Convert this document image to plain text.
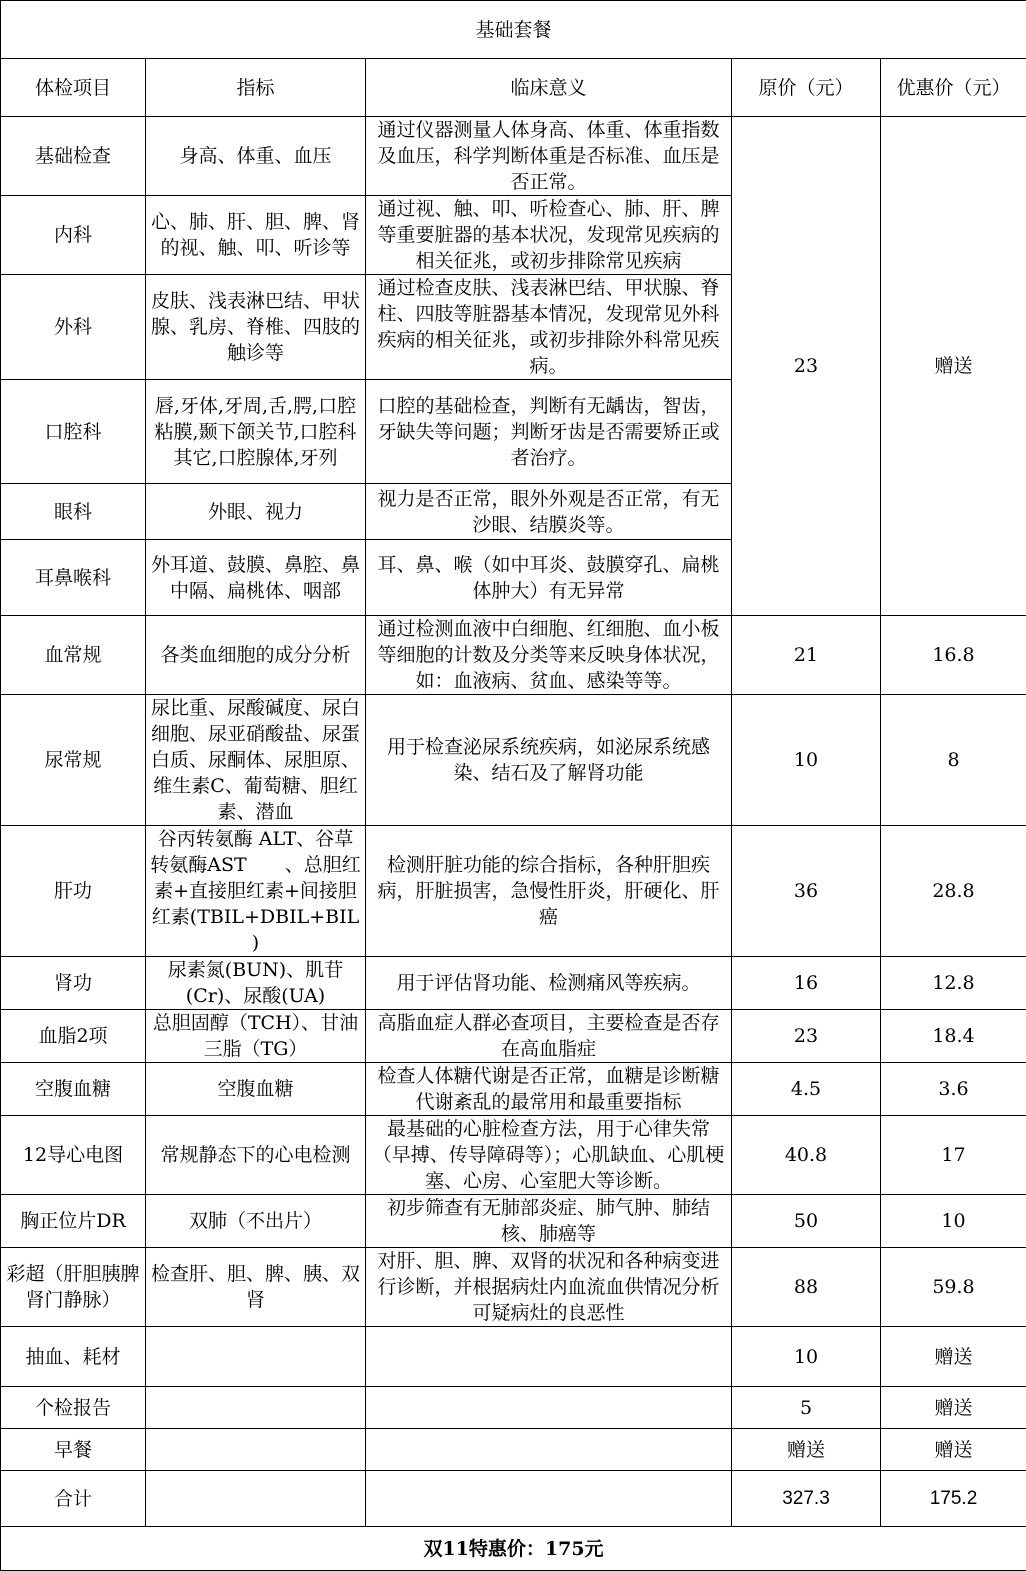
基础套餐				
体检项目	指标	临床意义	原价（元）	优惠价（元）
基础检查	身高、体重、血压	通过仪器测量人体身高、体重、体重指数及血压，科学判断体重是否标准、血压是否正常。	23	赠送
内科	心、肺、肝、胆、脾、肾的视、触、叩、听诊等	通过视、触、叩、听检查心、肺、肝、脾等重要脏器的基本状况，发现常见疾病的相关征兆，或初步排除常见疾病		
外科	皮肤、浅表淋巴结、甲状腺、乳房、脊椎、四肢的触诊等	通过检查皮肤、浅表淋巴结、甲状腺、脊柱、四肢等脏器基本情况，发现常见外科疾病的相关征兆，或初步排除外科常见疾病。		
口腔科	唇,牙体,牙周,舌,腭,口腔粘膜,颞下颌关节,口腔科其它,口腔腺体,牙列	口腔的基础检查，判断有无龋齿，智齿，牙缺失等问题；判断牙齿是否需要矫正或者治疗。		
眼科	外眼、视力	视力是否正常，眼外外观是否正常，有无沙眼、结膜炎等。		
耳鼻喉科	外耳道、鼓膜、鼻腔、鼻中隔、扁桃体、咽部	耳、鼻、喉（如中耳炎、鼓膜穿孔、扁桃体肿大）有无异常		
血常规	各类血细胞的成分分析	通过检测血液中白细胞、红细胞、血小板等细胞的计数及分类等来反映身体状况，如：血液病、贫血、感染等等。	21	16.8
尿常规	尿比重、尿酸碱度、尿白细胞、尿亚硝酸盐、尿蛋白质、尿酮体、尿胆原、维生素C、葡萄糖、胆红素、潜血	用于检查泌尿系统疾病，如泌尿系统感染、结石及了解肾功能	10	8
肝功	谷丙转氨酶 ALT、谷草转氨酶AST　　、总胆红素+直接胆红素+间接胆红素(TBIL+DBIL+BIL )	检测肝脏功能的综合指标，各种肝胆疾病，肝脏损害，急慢性肝炎，肝硬化、肝癌	36	28.8
肾功	尿素氮(BUN)、肌苷(Cr)、尿酸(UA)	用于评估肾功能、检测痛风等疾病。	16	12.8
血脂2项	总胆固醇（TCH）、甘油三脂（TG）	高脂血症人群必查项目，主要检查是否存在高血脂症	23	18.4
空腹血糖	空腹血糖	检查人体糖代谢是否正常，血糖是诊断糖代谢紊乱的最常用和最重要指标	4.5	3.6
12导心电图	常规静态下的心电检测	最基础的心脏检查方法，用于心律失常（早搏、传导障碍等）；心肌缺血、心肌梗塞、心房、心室肥大等诊断。	40.8	17
胸正位片DR	双肺（不出片）	初步筛查有无肺部炎症、肺气肿、肺结核、肺癌等	50	10
彩超（肝胆胰脾肾门静脉）	检查肝、胆、脾、胰、双肾	对肝、胆、脾、双肾的状况和各种病变进行诊断，并根据病灶内血流血供情况分析可疑病灶的良恶性	88	59.8
抽血、耗材			10	赠送
个检报告			5	赠送
早餐			赠送	赠送
合计			327.3	175.2
双11特惠价：175元				
